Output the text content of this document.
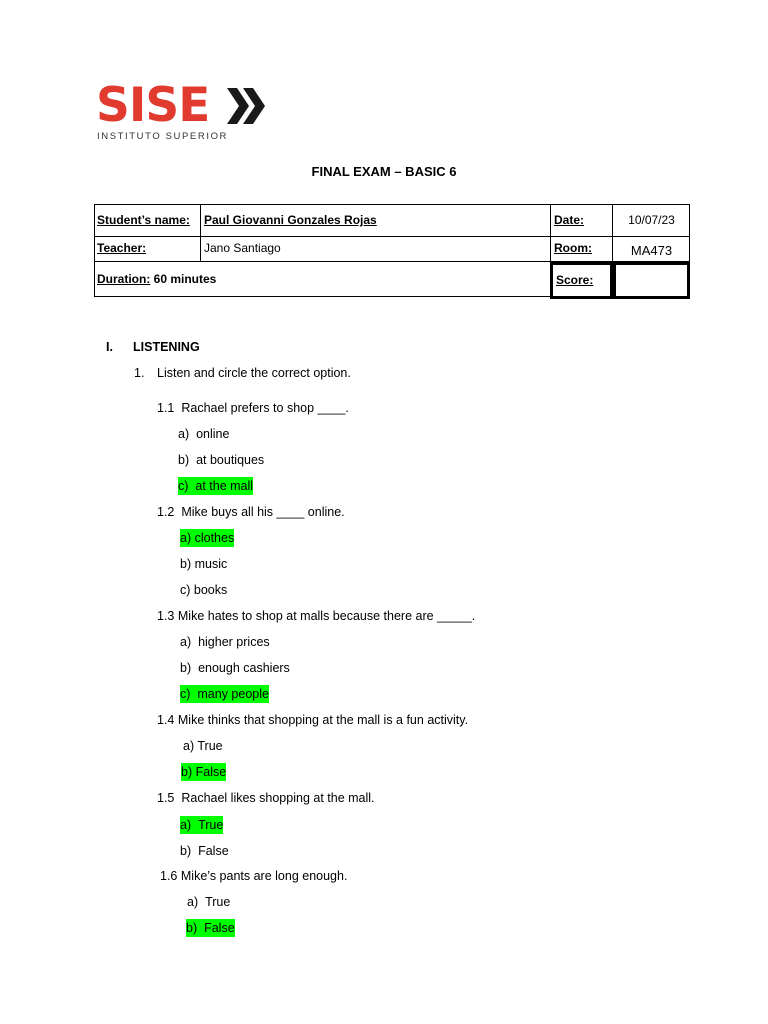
SISE
INSTITUTO SUPERIOR
FINAL EXAM – BASIC 6
Student’s name: Paul Giovanni Gonzales Rojas	Date:	10/07/23
Teacher:	Jano Santiago	Room:	MA473
Duration: 60 minutes	Score:
I. LISTENING
1. Listen and circle the correct option.
1.1 Rachael prefers to shop ____.
a) online
b) at boutiques
c) at the mall
1.2  Mike buys all his ____ online.
a) clothes
b) music
c) books
1.3 Mike hates to shop at malls because there are _____.
a) higher prices
b) enough cashiers
c) many people
1.4 Mike thinks that shopping at the mall is a fun activity.
a) True
b) False
1.5 Rachael likes shopping at the mall.
a) True
b) False
1.6 Mike’s pants are long enough.
a) True
b) False
